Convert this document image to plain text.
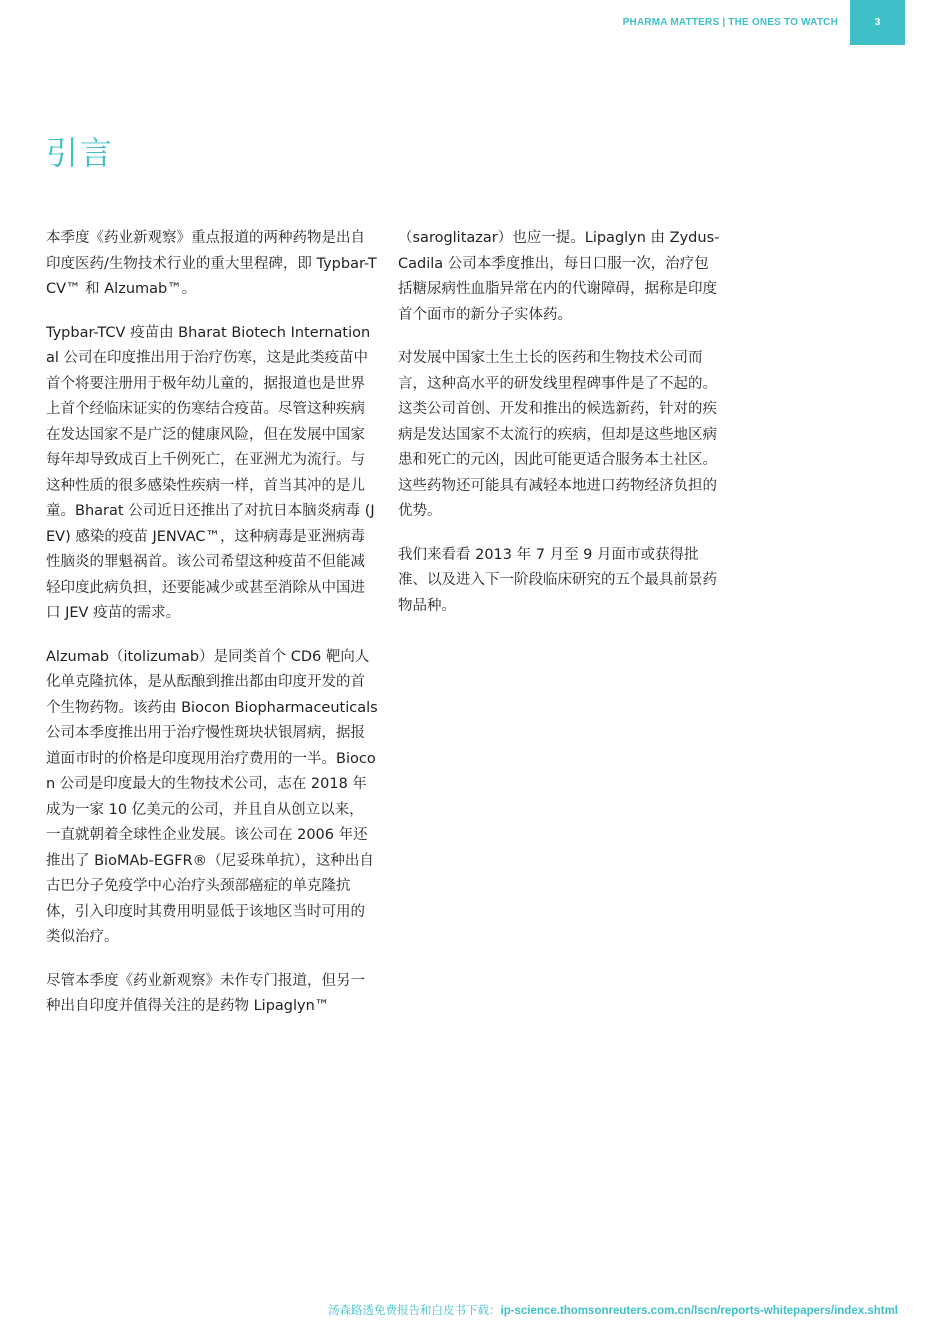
PHARMA MATTERS | THE ONES TO WATCH	3
引言

本季度《药业新观察》重点报道的两种药物是出自印度医药/生物技术行业的重大里程碑，即 Typbar-TCV™ 和 Alzumab™。

Typbar-TCV 疫苗由 Bharat Biotech International 公司在印度推出用于治疗伤寒，这是此类疫苗中首个将要注册用于极年幼儿童的，据报道也是世界上首个经临床证实的伤寒结合疫苗。尽管这种疾病在发达国家不是广泛的健康风险，但在发展中国家每年却导致成百上千例死亡，在亚洲尤为流行。与这种性质的很多感染性疾病一样，首当其冲的是儿童。Bharat 公司近日还推出了对抗日本脑炎病毒 (JEV) 感染的疫苗 JENVAC™，这种病毒是亚洲病毒性脑炎的罪魁祸首。该公司希望这种疫苗不但能减轻印度此病负担，还要能减少或甚至消除从中国进口 JEV 疫苗的需求。

Alzumab（itolizumab）是同类首个 CD6 靶向人化单克隆抗体，是从酝酿到推出都由印度开发的首个生物药物。该药由 Biocon Biopharmaceuticals 公司本季度推出用于治疗慢性斑块状银屑病，据报道面市时的价格是印度现用治疗费用的一半。Biocon 公司是印度最大的生物技术公司，志在 2018 年成为一家 10 亿美元的公司，并且自从创立以来，一直就朝着全球性企业发展。该公司在 2006 年还推出了 BioMAb-EGFR®（尼妥珠单抗），这种出自古巴分子免疫学中心治疗头颈部癌症的单克隆抗体，引入印度时其费用明显低于该地区当时可用的类似治疗。

尽管本季度《药业新观察》未作专门报道，但另一种出自印度并值得关注的是药物 Lipaglyn™

（saroglitazar）也应一提。Lipaglyn 由 Zydus-Cadila 公司本季度推出，每日口服一次，治疗包括糖尿病性血脂异常在内的代谢障碍，据称是印度首个面市的新分子实体药。

对发展中国家土生土长的医药和生物技术公司而言，这种高水平的研发线里程碑事件是了不起的。这类公司首创、开发和推出的候选新药，针对的疾病是发达国家不太流行的疾病，但却是这些地区病患和死亡的元凶，因此可能更适合服务本土社区。这些药物还可能具有减轻本地进口药物经济负担的优势。

我们来看看 2013 年 7 月至 9 月面市或获得批准、以及进入下一阶段临床研究的五个最具前景药物品种。

汤森路透免费报告和白皮书下载：ip-science.thomsonreuters.com.cn/lscn/reports-whitepapers/index.shtml
